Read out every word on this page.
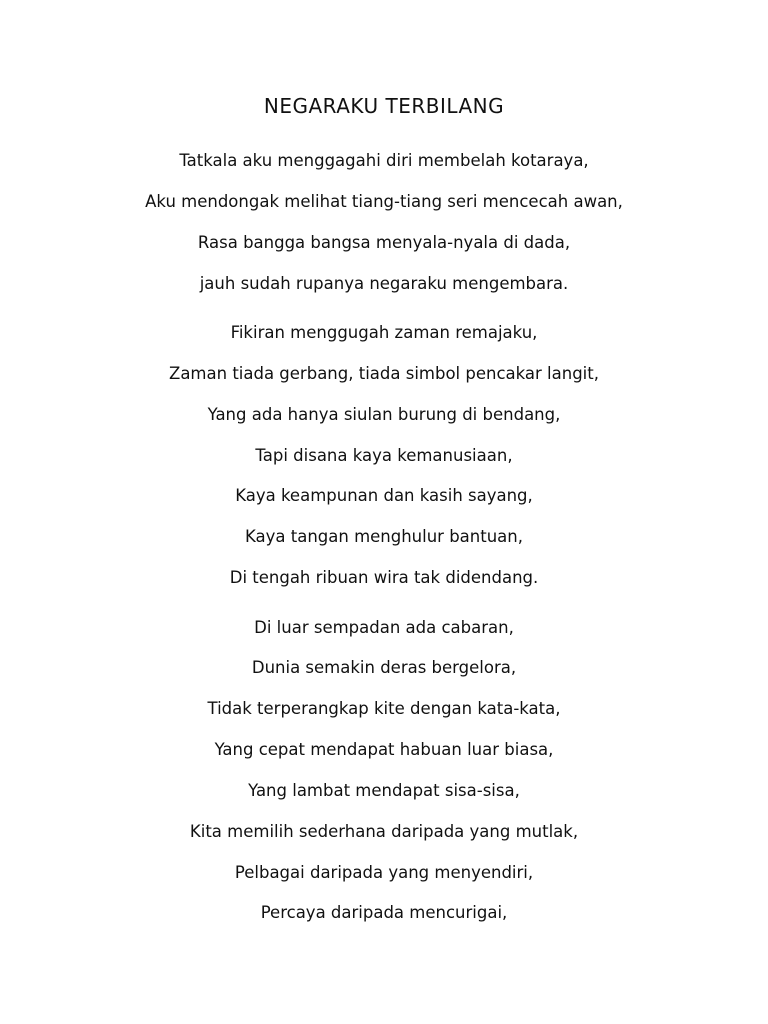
NEGARAKU TERBILANG
Tatkala aku menggagahi diri membelah kotaraya,
Aku mendongak melihat tiang-tiang seri mencecah awan,
Rasa bangga bangsa menyala-nyala di dada,
jauh sudah rupanya negaraku mengembara.
Fikiran menggugah zaman remajaku,
Zaman tiada gerbang, tiada simbol pencakar langit,
Yang ada hanya siulan burung di bendang,
Tapi disana kaya kemanusiaan,
Kaya keampunan dan kasih sayang,
Kaya tangan menghulur bantuan,
Di tengah ribuan wira tak didendang.
Di luar sempadan ada cabaran,
Dunia semakin deras bergelora,
Tidak terperangkap kite dengan kata-kata,
Yang cepat mendapat habuan luar biasa,
Yang lambat mendapat sisa-sisa,
Kita memilih sederhana daripada yang mutlak,
Pelbagai daripada yang menyendiri,
Percaya daripada mencurigai,
